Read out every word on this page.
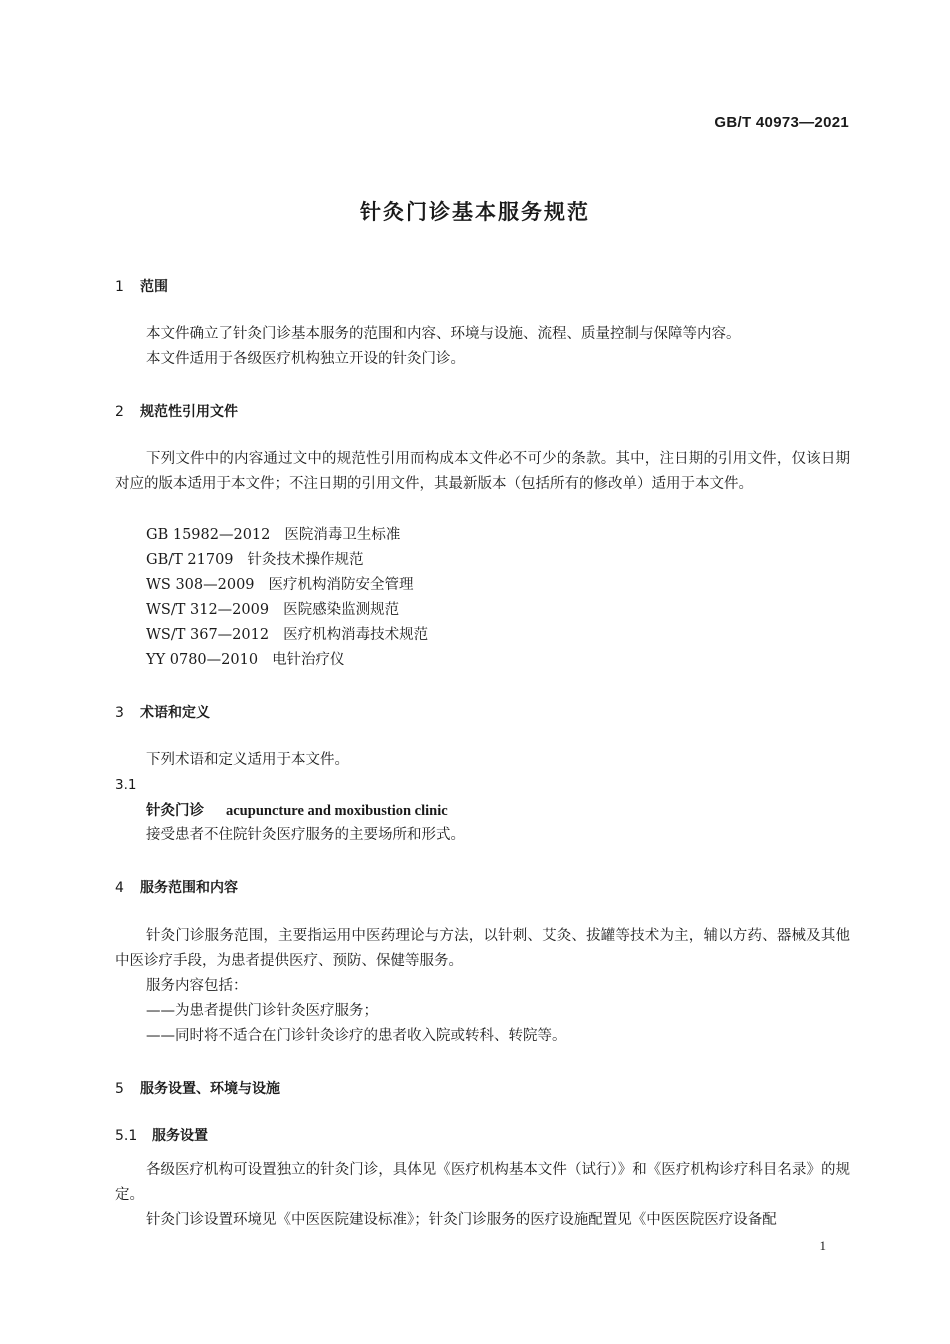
GB/T 40973—2021
针灸门诊基本服务规范
1 范围
本文件确立了针灸门诊基本服务的范围和内容、环境与设施、流程、质量控制与保障等内容。
本文件适用于各级医疗机构独立开设的针灸门诊。
2 规范性引用文件
下列文件中的内容通过文中的规范性引用而构成本文件必不可少的条款。其中，注日期的引用文件，仅该日期对应的版本适用于本文件；不注日期的引用文件，其最新版本（包括所有的修改单）适用于本文件。
GB 15982—2012 医院消毒卫生标准
GB/T 21709 针灸技术操作规范
WS 308—2009 医疗机构消防安全管理
WS/T 312—2009 医院感染监测规范
WS/T 367—2012 医疗机构消毒技术规范
YY 0780—2010 电针治疗仪
3 术语和定义
下列术语和定义适用于本文件。
3.1
针灸门诊 acupuncture and moxibustion clinic
接受患者不住院针灸医疗服务的主要场所和形式。
4 服务范围和内容
针灸门诊服务范围，主要指运用中医药理论与方法，以针刺、艾灸、拔罐等技术为主，辅以方药、器械及其他中医诊疗手段，为患者提供医疗、预防、保健等服务。
服务内容包括：
——为患者提供门诊针灸医疗服务；
——同时将不适合在门诊针灸诊疗的患者收入院或转科、转院等。
5 服务设置、环境与设施
5.1 服务设置
各级医疗机构可设置独立的针灸门诊，具体见《医疗机构基本文件（试行）》和《医疗机构诊疗科目名录》的规定。
针灸门诊设置环境见《中医医院建设标准》；针灸门诊服务的医疗设施配置见《中医医院医疗设备配
1
